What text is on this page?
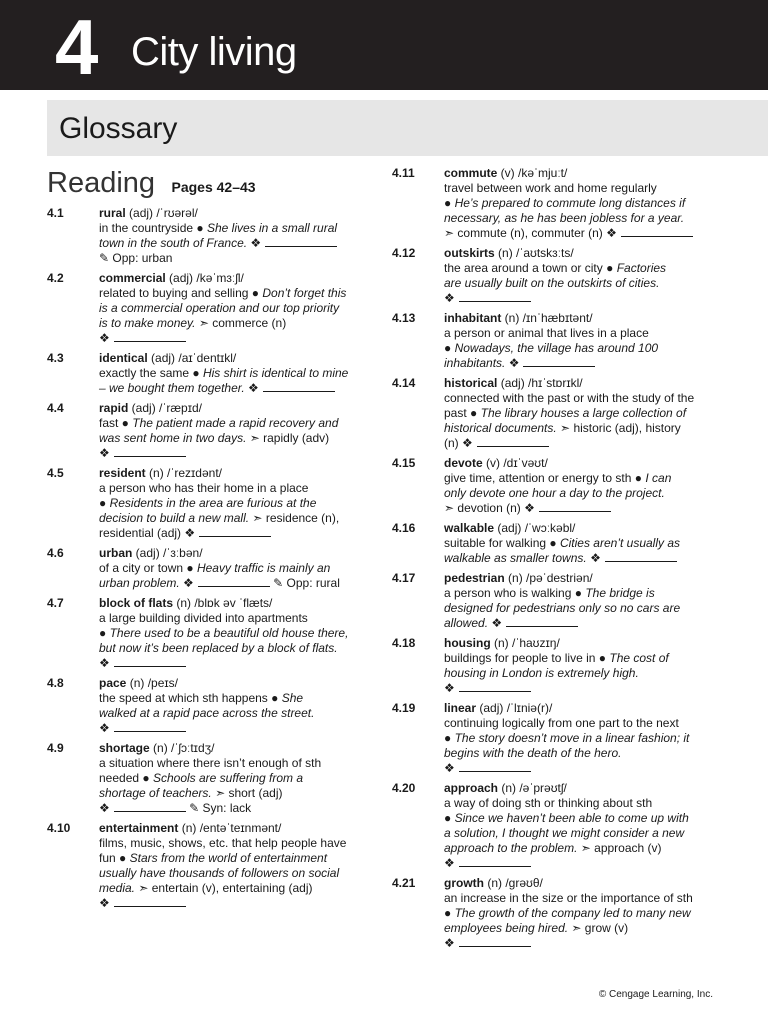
4 City living
Glossary
Reading Pages 42–43
4.1	rural (adj) /ˈrʊərəl/
in the countryside ● She lives in a small rural
town in the south of France. ❖
✎ Opp: urban
4.2	commercial (adj) /kəˈmɜːʃl/
related to buying and selling ● Don’t forget this
is a commercial operation and our top priority
is to make money. ➣ commerce (n)
❖
4.3	identical (adj) /aɪˈdentɪkl/
exactly the same ● His shirt is identical to mine
– we bought them together. ❖
4.4	rapid (adj) /ˈræpɪd/
fast ● The patient made a rapid recovery and
was sent home in two days. ➣ rapidly (adv)
❖
4.5	resident (n) /ˈrezɪdənt/
a person who has their home in a place
● Residents in the area are furious at the
decision to build a new mall. ➣ residence (n),
residential (adj) ❖
4.6	urban (adj) /ˈɜːbən/
of a city or town ● Heavy traffic is mainly an
urban problem. ❖	✎ Opp: rural
4.7	block of flats (n) /blɒk əv ˈflæts/
a large building divided into apartments
● There used to be a beautiful old house there,
but now it’s been replaced by a block of flats.
❖
4.8	pace (n) /peɪs/
the speed at which sth happens ● She
walked at a rapid pace across the street.
❖
4.9	shortage (n) /ˈʃɔːtɪdʒ/
a situation where there isn’t enough of sth
needed ● Schools are suffering from a
shortage of teachers. ➣ short (adj)
❖	✎ Syn: lack
4.10 entertainment (n) /entəˈteɪnmənt/
films, music, shows, etc. that help people have
fun ● Stars from the world of entertainment
usually have thousands of followers on social
media. ➣ entertain (v), entertaining (adj)
❖
4.11 commute (v) /kəˈmjuːt/
travel between work and home regularly
● He’s prepared to commute long distances if
necessary, as he has been jobless for a year.
➣ commute (n), commuter (n) ❖
4.12 outskirts (n) /ˈaʊtskɜːts/
the area around a town or city ● Factories
are usually built on the outskirts of cities.
❖
4.13 inhabitant (n) /ɪnˈhæbɪtənt/
a person or animal that lives in a place
● Nowadays, the village has around 100
inhabitants. ❖
4.14 historical (adj) /hɪˈstɒrɪkl/
connected with the past or with the study of the
past ● The library houses a large collection of
historical documents. ➣ historic (adj), history
(n) ❖
4.15 devote (v) /dɪˈvəʊt/
give time, attention or energy to sth ● I can
only devote one hour a day to the project.
➣ devotion (n) ❖
4.16 walkable (adj) /ˈwɔːkəbl/
suitable for walking ● Cities aren’t usually as
walkable as smaller towns. ❖
4.17 pedestrian (n) /pəˈdestriən/
a person who is walking ● The bridge is
designed for pedestrians only so no cars are
allowed. ❖
4.18 housing (n) /ˈhaʊzɪŋ/
buildings for people to live in ● The cost of
housing in London is extremely high.
❖
4.19 linear (adj) /ˈlɪniə(r)/
continuing logically from one part to the next
● The story doesn’t move in a linear fashion; it
begins with the death of the hero.
❖
4.20 approach (n) /əˈprəʊtʃ/
a way of doing sth or thinking about sth
● Since we haven’t been able to come up with
a solution, I thought we might consider a new
approach to the problem. ➣ approach (v)
❖
4.21 growth (n) /grəʊθ/
an increase in the size or the importance of sth
● The growth of the company led to many new
employees being hired. ➣ grow (v)
❖
© Cengage Learning, Inc.
